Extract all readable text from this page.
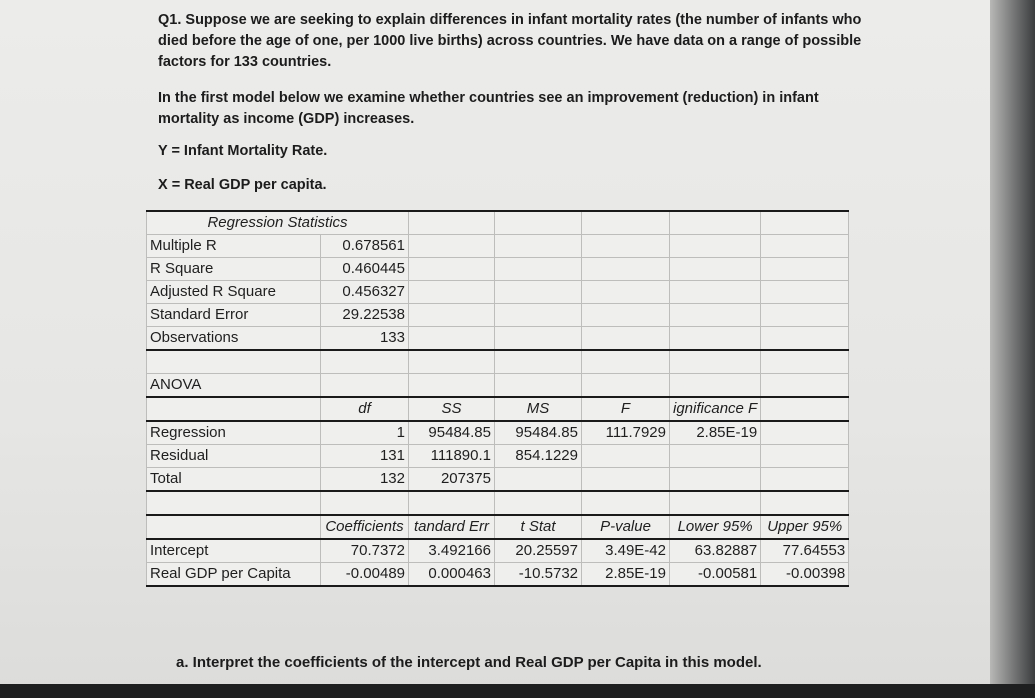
Q1. Suppose we are seeking to explain differences in infant mortality rates (the number of infants who died before the age of one, per 1000 live births) across countries. We have data on a range of possible factors for 133 countries.
In the first model below we examine whether countries see an improvement (reduction) in infant mortality as income (GDP) increases.
Y = Infant Mortality Rate.
X = Real GDP per capita.
Regression Statistics						
Multiple R	0.678561					
R Square	0.460445					
Adjusted R Square	0.456327					
Standard Error	29.22538					
Observations	133					

ANOVA						
	df	SS	MS	F	ignificance F	
Regression	1	95484.85	95484.85	111.7929	2.85E-19	
Residual	131	111890.1	854.1229			
Total	132	207375				

	Coefficients	tandard Err	t Stat	P-value	Lower 95%	Upper 95%
Intercept	70.7372	3.492166	20.25597	3.49E-42	63.82887	77.64553
Real GDP per Capita	-0.00489	0.000463	-10.5732	2.85E-19	-0.00581	-0.00398
a. Interpret the coefficients of the intercept and Real GDP per Capita in this model.
